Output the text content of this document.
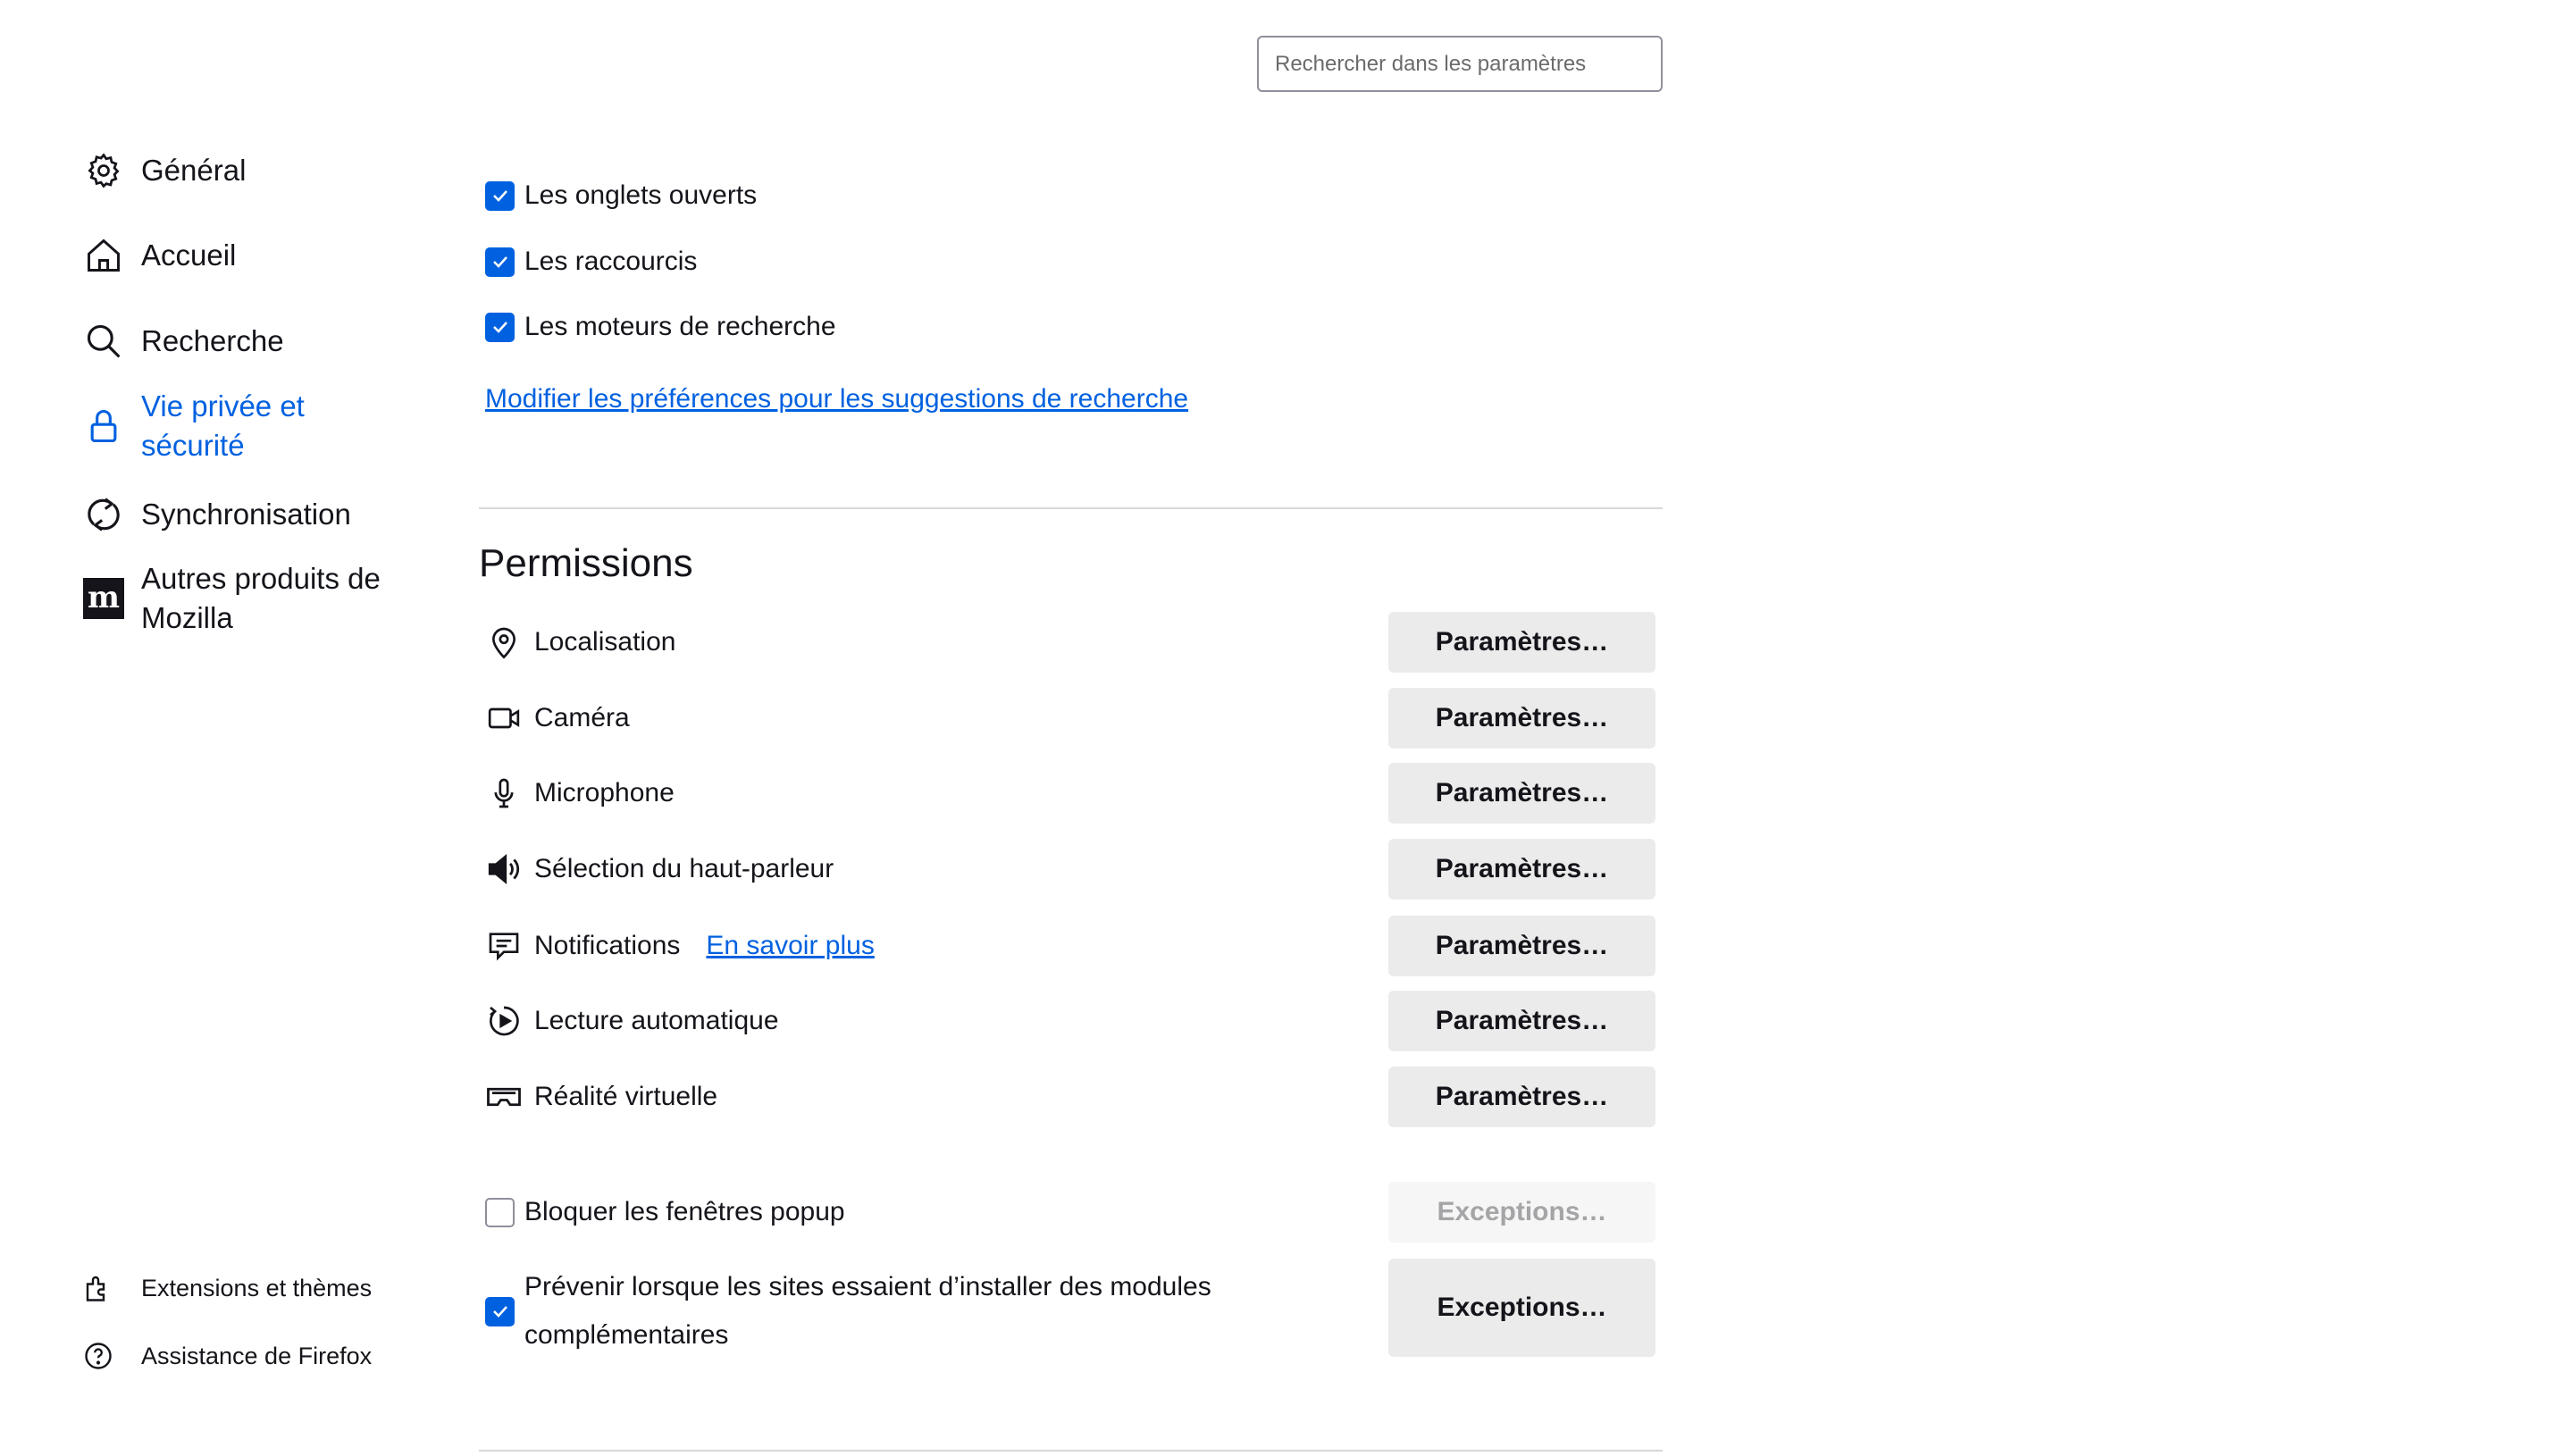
Rechercher dans les paramètres
Général
Accueil
Recherche
Vie privée et
sécurité
Synchronisation
m
Autres produits de
Mozilla
Extensions et thèmes
Assistance de Firefox
Les onglets ouverts
Les raccourcis
Les moteurs de recherche
Modifier les préférences pour les suggestions de recherche
Permissions
Localisation
Caméra
Microphone
Sélection du haut-parleur
Notifications En savoir plus
Lecture automatique
Réalité virtuelle
Paramètres…
Paramètres…
Paramètres…
Paramètres…
Paramètres…
Paramètres…
Paramètres…
Bloquer les fenêtres popup	Exceptions…
Prévenir lorsque les sites essaient d’installer des modules
complémentaires
Exceptions…
